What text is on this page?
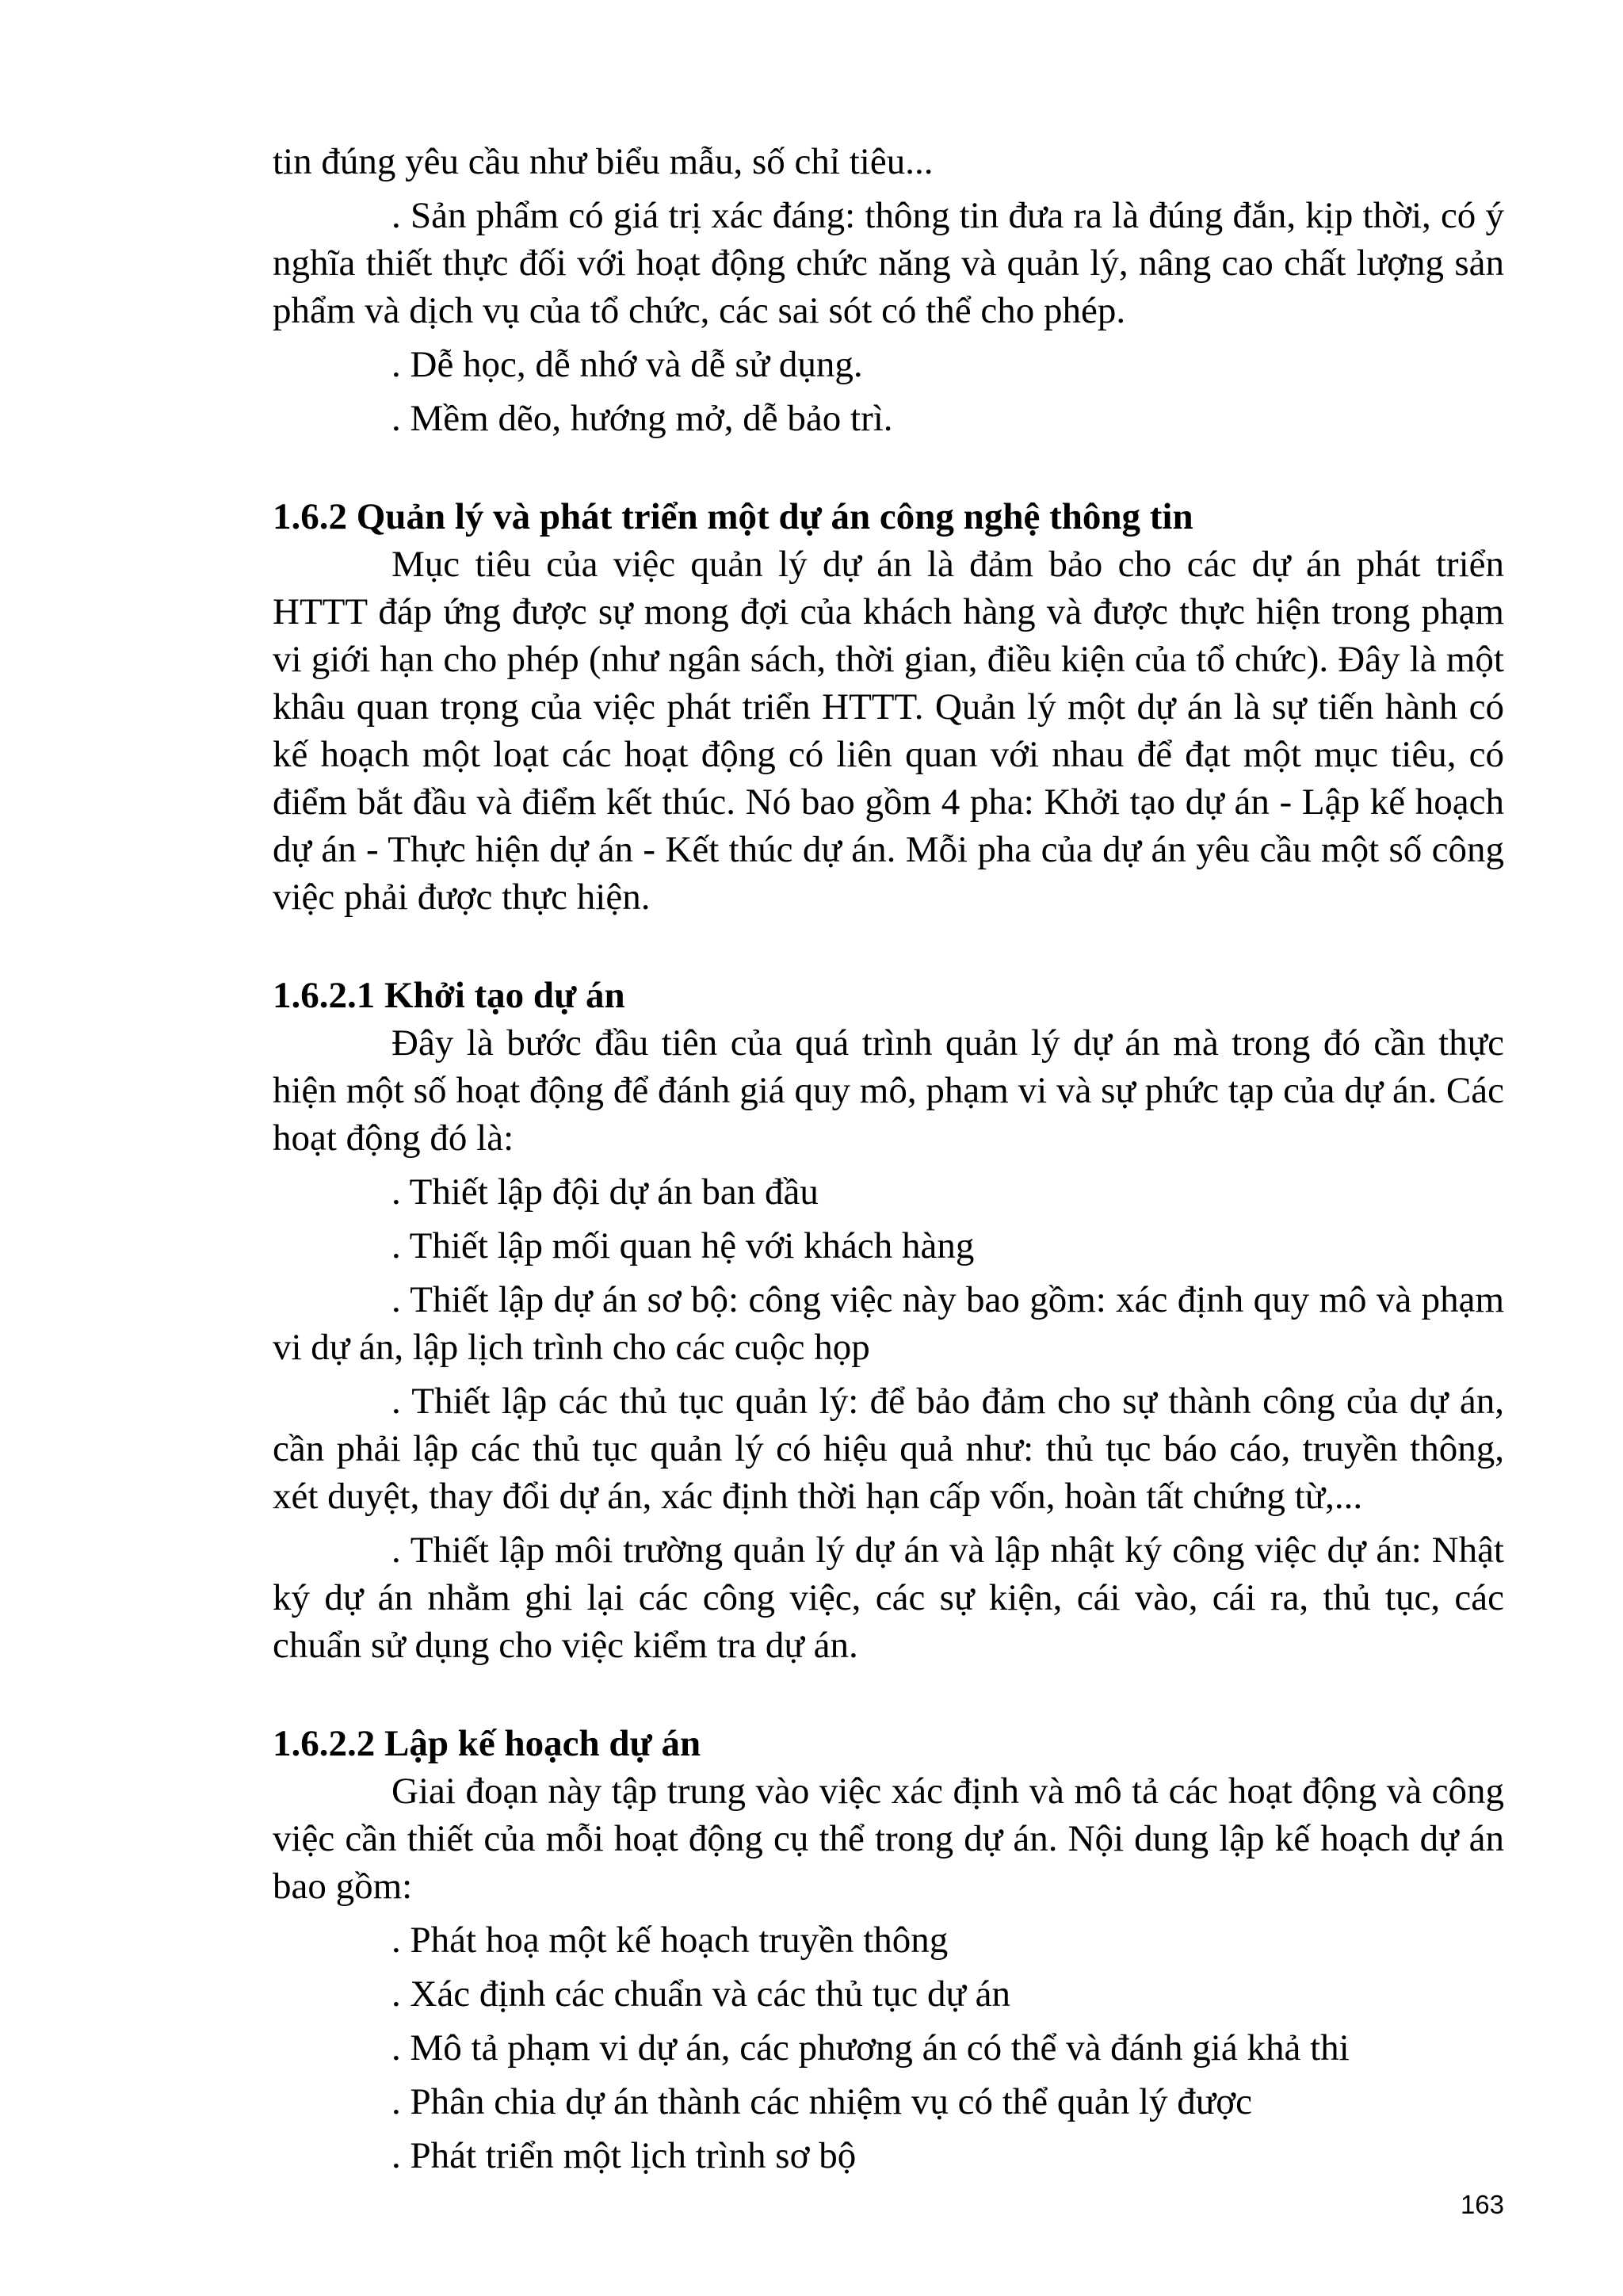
tin đúng yêu cầu như biểu mẫu, số chỉ tiêu...

. Sản phẩm có giá trị xác đáng: thông tin đưa ra là đúng đắn, kịp thời, có ý nghĩa thiết thực đối với hoạt động chức năng và quản lý, nâng cao chất lượng sản phẩm và dịch vụ của tổ chức, các sai sót có thể cho phép.

. Dễ học, dễ nhớ và dễ sử dụng.

. Mềm dẽo, hướng mở, dễ bảo trì.

1.6.2 Quản lý và phát triển một dự án công nghệ thông tin

Mục tiêu của việc quản lý dự án là đảm bảo cho các dự án phát triển HTTT đáp ứng được sự mong đợi của khách hàng và được thực hiện trong phạm vi giới hạn cho phép (như ngân sách, thời gian, điều kiện của tổ chức). Đây là một khâu quan trọng của việc phát triển HTTT. Quản lý một dự án là sự tiến hành có kế hoạch một loạt các hoạt động có liên quan với nhau để đạt một mục tiêu, có điểm bắt đầu và điểm kết thúc. Nó bao gồm 4 pha: Khởi tạo dự án - Lập kế hoạch dự án - Thực hiện dự án - Kết thúc dự án. Mỗi pha của dự án yêu cầu một số công việc phải được thực hiện.

1.6.2.1 Khởi tạo dự án

Đây là bước đầu tiên của quá trình quản lý dự án mà trong đó cần thực hiện một số hoạt động để đánh giá quy mô, phạm vi và sự phức tạp của dự án. Các hoạt động đó là:

. Thiết lập đội dự án ban đầu

. Thiết lập mối quan hệ với khách hàng

. Thiết lập dự án sơ bộ: công việc này bao gồm: xác định quy mô và phạm vi dự án, lập lịch trình cho các cuộc họp

. Thiết lập các thủ tục quản lý: để bảo đảm cho sự thành công của dự án, cần phải lập các thủ tục quản lý có hiệu quả như: thủ tục báo cáo, truyền thông, xét duyệt, thay đổi dự án, xác định thời hạn cấp vốn, hoàn tất chứng từ,...

. Thiết lập môi trường quản lý dự án và lập nhật ký công việc dự án: Nhật ký dự án nhằm ghi lại các công việc, các sự kiện, cái vào, cái ra, thủ tục, các chuẩn sử dụng cho việc kiểm tra dự án.

1.6.2.2 Lập kế hoạch dự án

Giai đoạn này tập trung vào việc xác định và mô tả các hoạt động và công việc cần thiết của mỗi hoạt động cụ thể trong dự án. Nội dung lập kế hoạch dự án bao gồm:

. Phát hoạ một kế hoạch truyền thông

. Xác định các chuẩn và các thủ tục dự án

. Mô tả phạm vi dự án, các phương án có thể và đánh giá khả thi

. Phân chia dự án thành các nhiệm vụ có thể quản lý được

. Phát triển một lịch trình sơ bộ

163
